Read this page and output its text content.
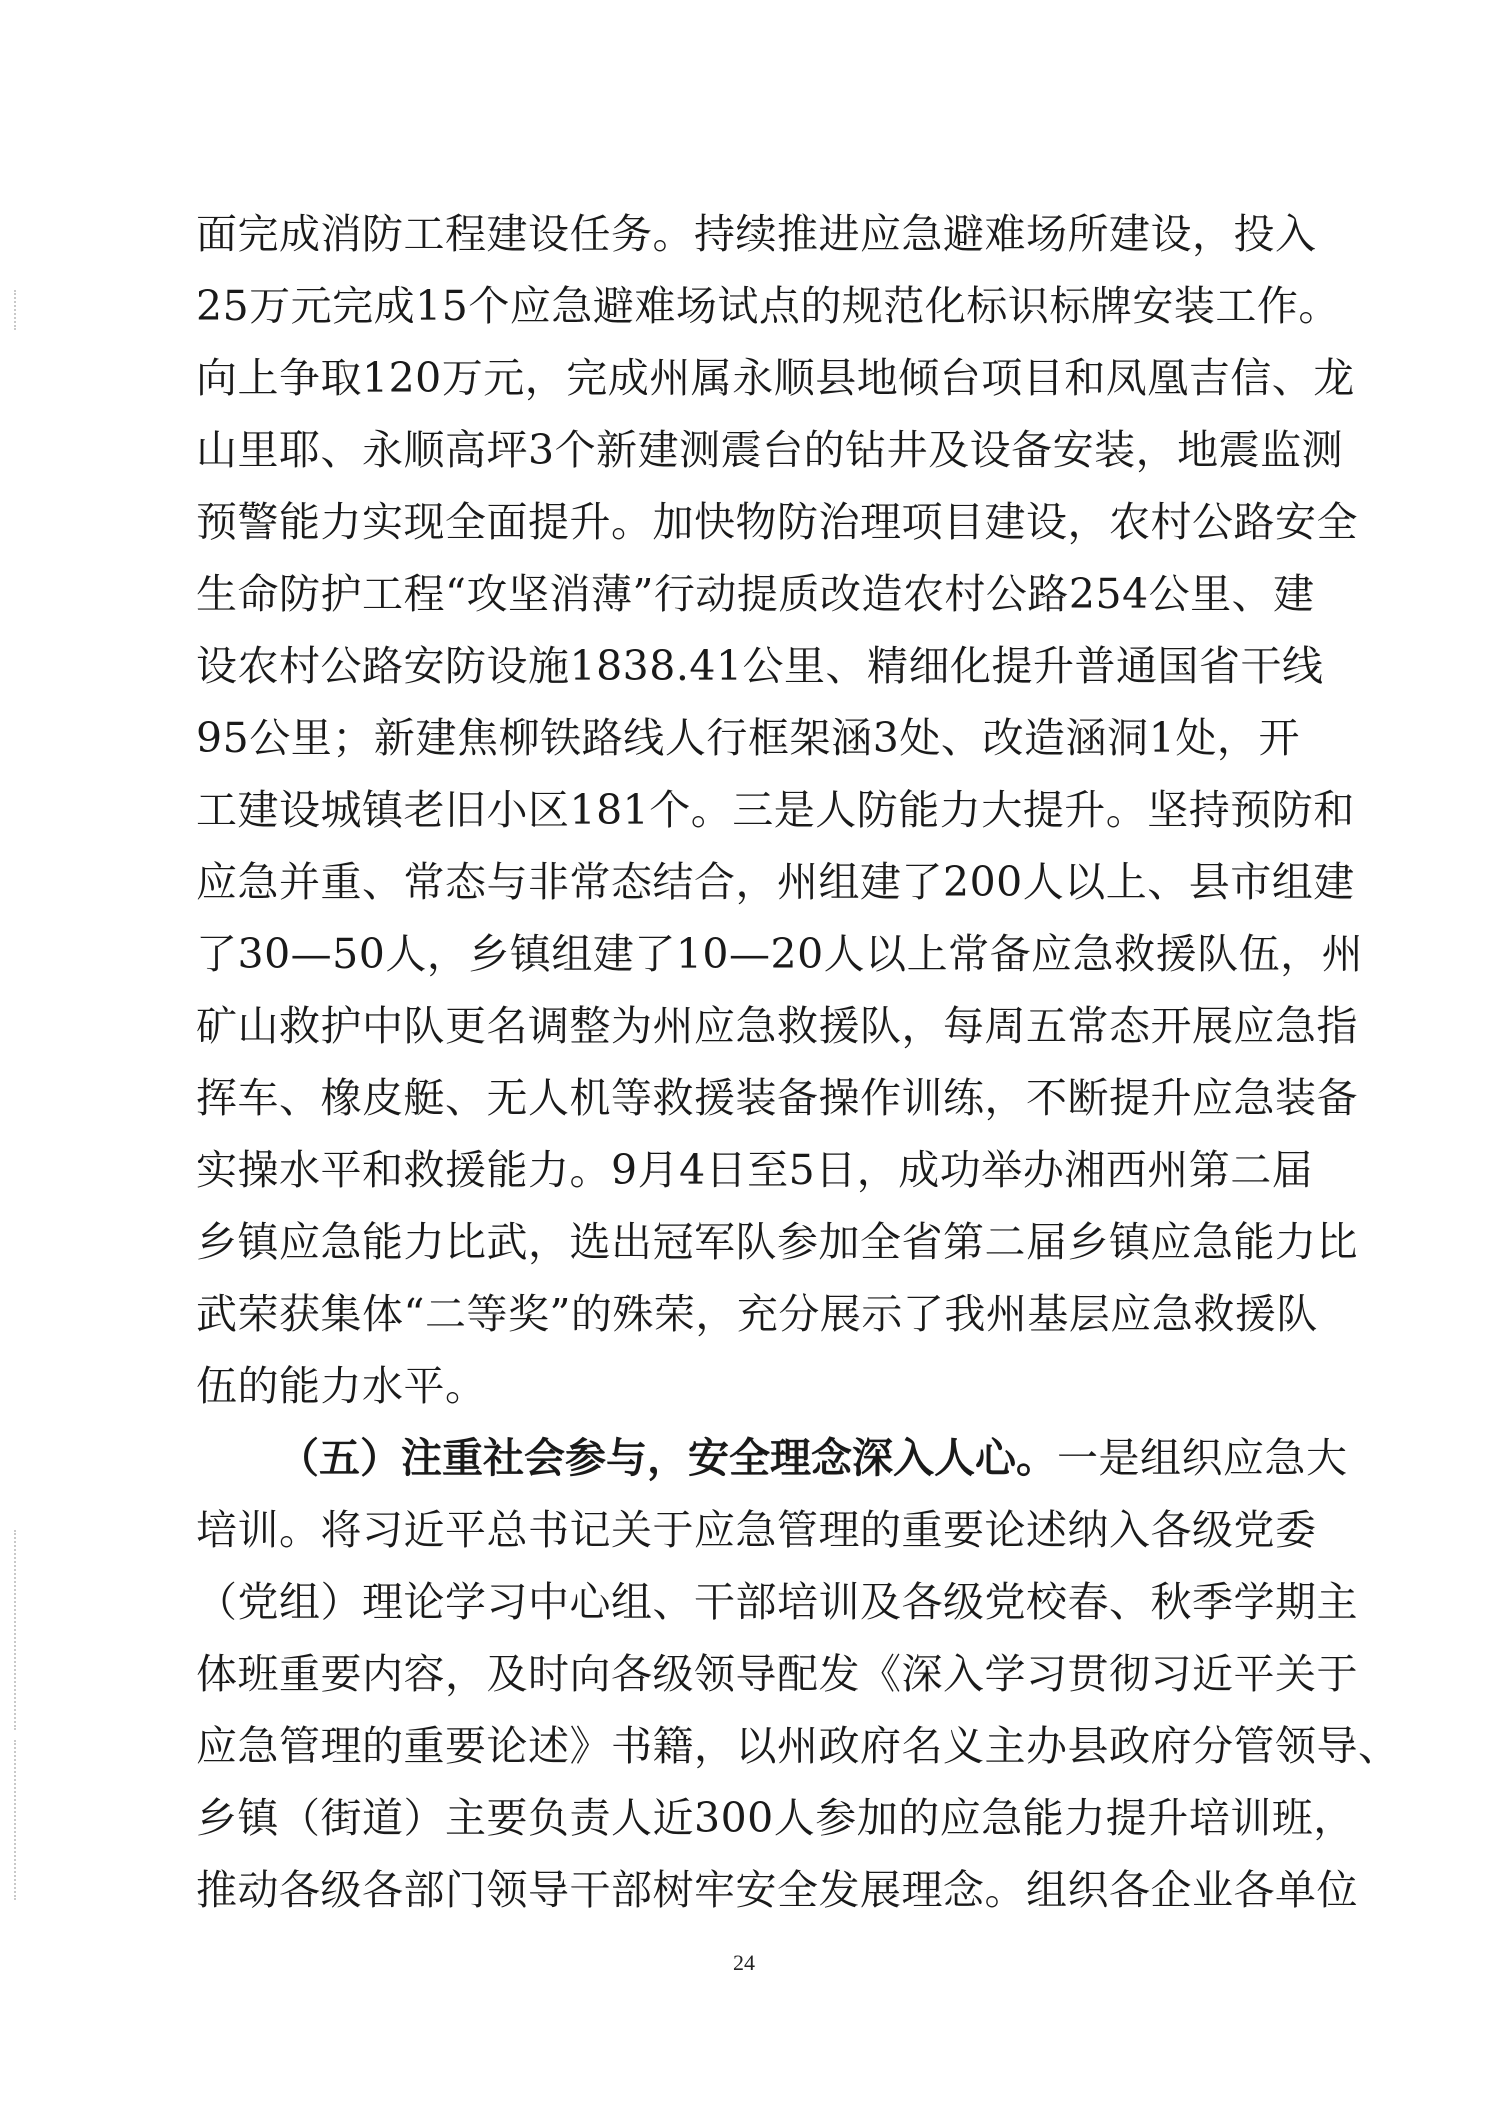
面完成消防工程建设任务。持续推进应急避难场所建设，投入
25万元完成15个应急避难场试点的规范化标识标牌安装工作。
向上争取120万元，完成州属永顺县地倾台项目和凤凰吉信、龙
山里耶、永顺高坪3个新建测震台的钻井及设备安装，地震监测
预警能力实现全面提升。加快物防治理项目建设，农村公路安全
生命防护工程“攻坚消薄”行动提质改造农村公路254公里、建
设农村公路安防设施1838.41公里、精细化提升普通国省干线
95公里；新建焦柳铁路线人行框架涵3处、改造涵洞1处，开
工建设城镇老旧小区181个。三是人防能力大提升。坚持预防和
应急并重、常态与非常态结合，州组建了200人以上、县市组建
了30—50人，乡镇组建了10—20人以上常备应急救援队伍，州
矿山救护中队更名调整为州应急救援队，每周五常态开展应急指
挥车、橡皮艇、无人机等救援装备操作训练，不断提升应急装备
实操水平和救援能力。9月4日至5日，成功举办湘西州第二届
乡镇应急能力比武，选出冠军队参加全省第二届乡镇应急能力比
武荣获集体“二等奖”的殊荣，充分展示了我州基层应急救援队
伍的能力水平。
（五）注重社会参与，安全理念深入人心。一是组织应急大
培训。将习近平总书记关于应急管理的重要论述纳入各级党委
（党组）理论学习中心组、干部培训及各级党校春、秋季学期主
体班重要内容，及时向各级领导配发《深入学习贯彻习近平关于
应急管理的重要论述》书籍，以州政府名义主办县政府分管领导、
乡镇（街道）主要负责人近300人参加的应急能力提升培训班，
推动各级各部门领导干部树牢安全发展理念。组织各企业各单位
24
